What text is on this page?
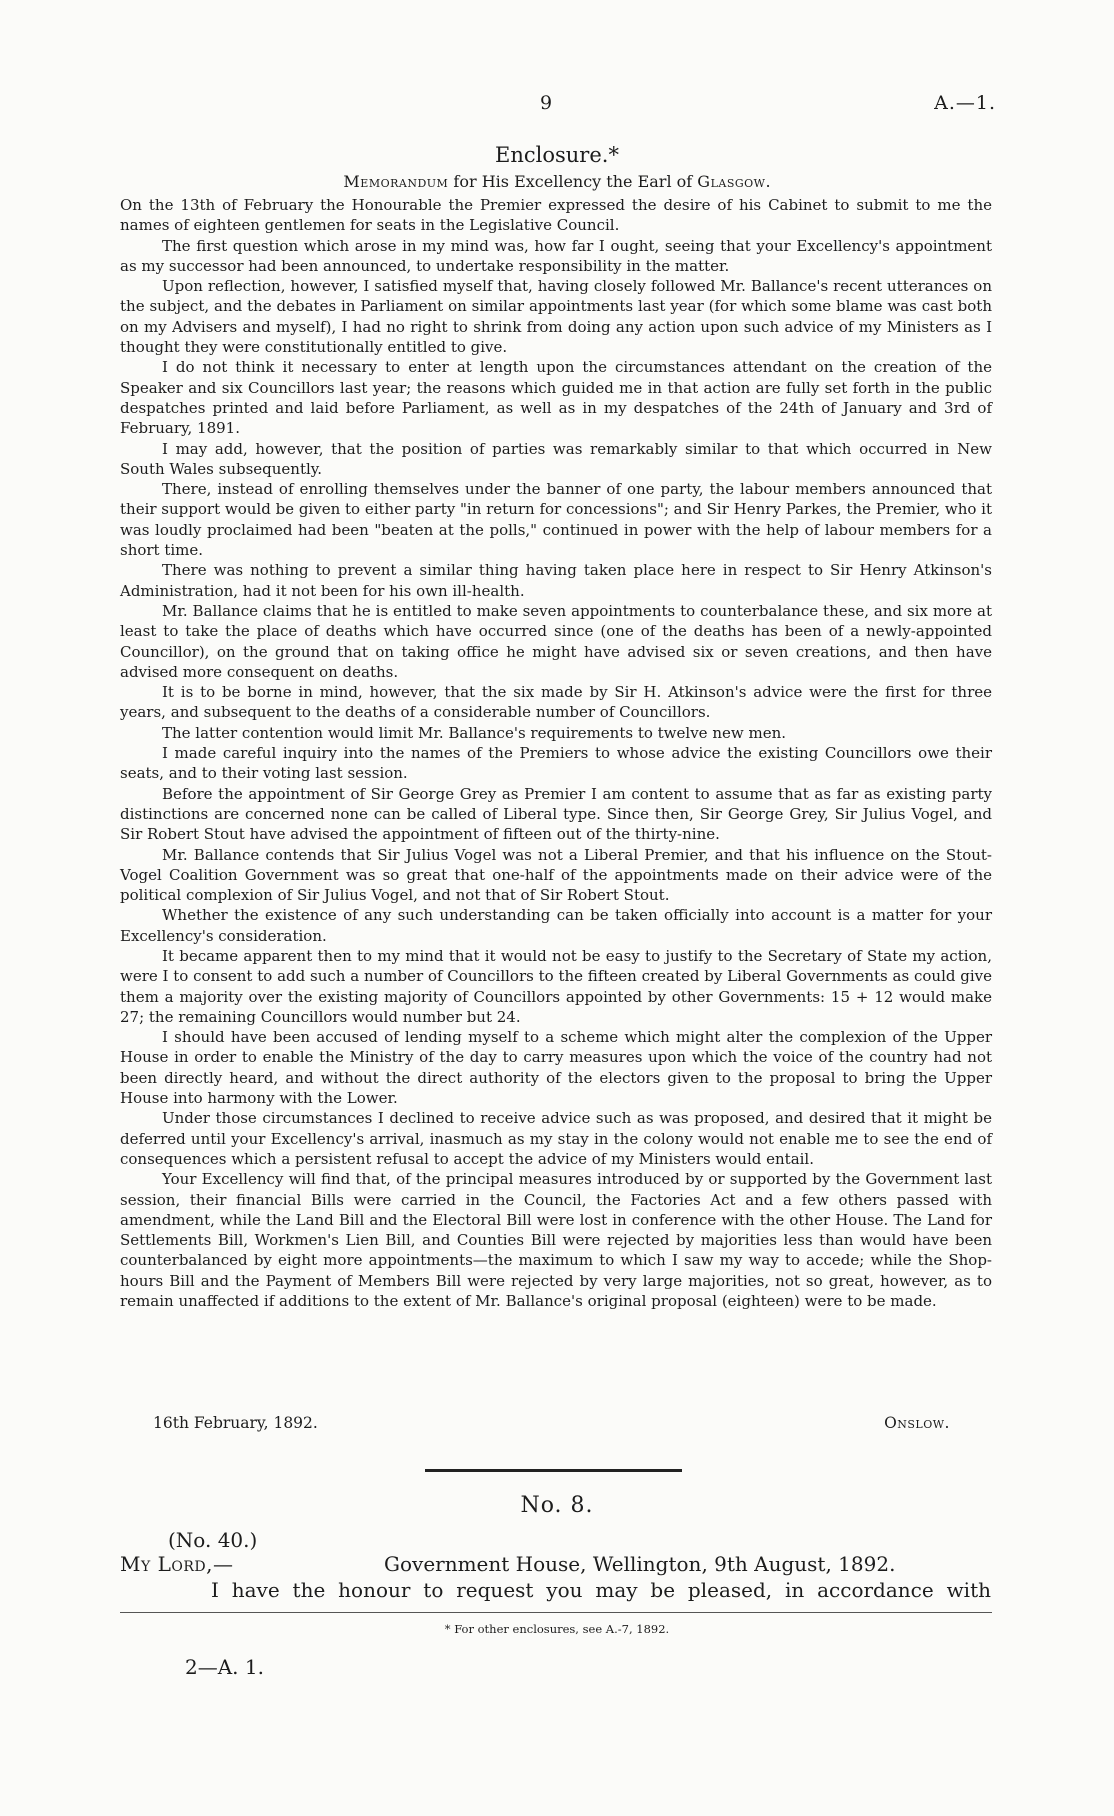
9	A.—1.
Enclosure.*
Memorandum for His Excellency the Earl of Glasgow.

On the 13th of February the Honourable the Premier expressed the desire of his Cabinet to submit to me the names of eighteen gentlemen for seats in the Legislative Council.

The first question which arose in my mind was, how far I ought, seeing that your Excellency's appointment as my successor had been announced, to undertake responsibility in the matter.

Upon reflection, however, I satisfied myself that, having closely followed Mr. Ballance's recent utterances on the subject, and the debates in Parliament on similar appointments last year (for which some blame was cast both on my Advisers and myself), I had no right to shrink from doing any action upon such advice of my Ministers as I thought they were constitutionally entitled to give.

I do not think it necessary to enter at length upon the circumstances attendant on the creation of the Speaker and six Councillors last year; the reasons which guided me in that action are fully set forth in the public despatches printed and laid before Parliament, as well as in my despatches of the 24th of January and 3rd of February, 1891.

I may add, however, that the position of parties was remarkably similar to that which occurred in New South Wales subsequently.

There, instead of enrolling themselves under the banner of one party, the labour members announced that their support would be given to either party "in return for concessions"; and Sir Henry Parkes, the Premier, who it was loudly proclaimed had been "beaten at the polls," continued in power with the help of labour members for a short time.

There was nothing to prevent a similar thing having taken place here in respect to Sir Henry Atkinson's Administration, had it not been for his own ill-health.

Mr. Ballance claims that he is entitled to make seven appointments to counterbalance these, and six more at least to take the place of deaths which have occurred since (one of the deaths has been of a newly-appointed Councillor), on the ground that on taking office he might have advised six or seven creations, and then have advised more consequent on deaths.

It is to be borne in mind, however, that the six made by Sir H. Atkinson's advice were the first for three years, and subsequent to the deaths of a considerable number of Councillors.

The latter contention would limit Mr. Ballance's requirements to twelve new men.

I made careful inquiry into the names of the Premiers to whose advice the existing Councillors owe their seats, and to their voting last session.

Before the appointment of Sir George Grey as Premier I am content to assume that as far as existing party distinctions are concerned none can be called of Liberal type. Since then, Sir George Grey, Sir Julius Vogel, and Sir Robert Stout have advised the appointment of fifteen out of the thirty-nine.

Mr. Ballance contends that Sir Julius Vogel was not a Liberal Premier, and that his influence on the Stout-Vogel Coalition Government was so great that one-half of the appointments made on their advice were of the political complexion of Sir Julius Vogel, and not that of Sir Robert Stout.

Whether the existence of any such understanding can be taken officially into account is a matter for your Excellency's consideration.

It became apparent then to my mind that it would not be easy to justify to the Secretary of State my action, were I to consent to add such a number of Councillors to the fifteen created by Liberal Governments as could give them a majority over the existing majority of Councillors appointed by other Governments: 15 + 12 would make 27; the remaining Councillors would number but 24.

I should have been accused of lending myself to a scheme which might alter the complexion of the Upper House in order to enable the Ministry of the day to carry measures upon which the voice of the country had not been directly heard, and without the direct authority of the electors given to the proposal to bring the Upper House into harmony with the Lower.

Under those circumstances I declined to receive advice such as was proposed, and desired that it might be deferred until your Excellency's arrival, inasmuch as my stay in the colony would not enable me to see the end of consequences which a persistent refusal to accept the advice of my Ministers would entail.

Your Excellency will find that, of the principal measures introduced by or supported by the Government last session, their financial Bills were carried in the Council, the Factories Act and a few others passed with amendment, while the Land Bill and the Electoral Bill were lost in conference with the other House. The Land for Settlements Bill, Workmen's Lien Bill, and Counties Bill were rejected by majorities less than would have been counterbalanced by eight more appointments—the maximum to which I saw my way to accede; while the Shop-hours Bill and the Payment of Members Bill were rejected by very large majorities, not so great, however, as to remain unaffected if additions to the extent of Mr. Ballance's original proposal (eighteen) were to be made.

16th February, 1892.	Onslow.
No. 8.
(No. 40.)
My Lord,—	Government House, Wellington, 9th August, 1892.
I have the honour to request you may be pleased, in accordance with
* For other enclosures, see A.-7, 1892.
2—A. 1.
